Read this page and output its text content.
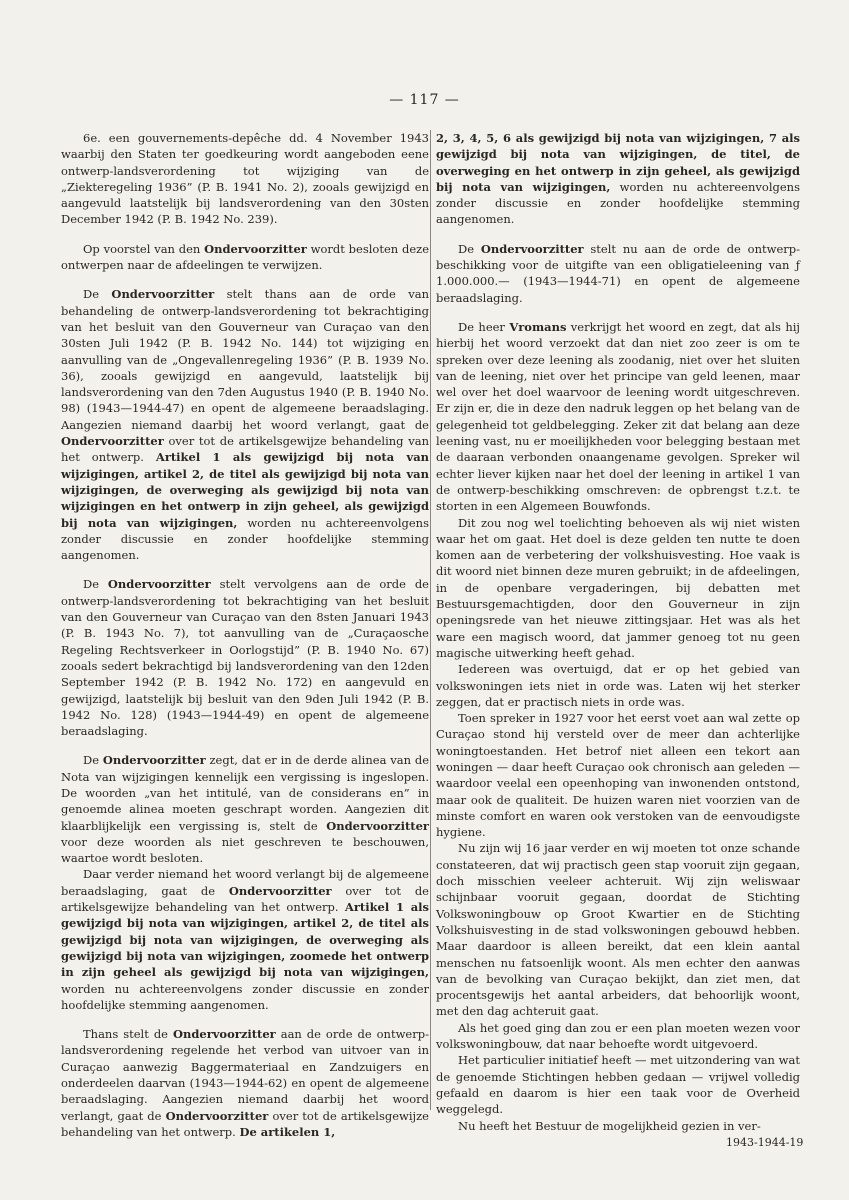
— 117 —

6e. een gouvernements-depêche dd. 4 November 1943 waarbij den Staten ter goedkeuring wordt aangeboden eene ontwerp-landsverordening tot wijziging van de „Ziekteregeling 1936” (P. B. 1941 No. 2), zooals gewijzigd en aangevuld laatstelijk bij landsverordening van den 30sten December 1942 (P. B. 1942 No. 239).

Op voorstel van den Ondervoorzitter wordt besloten deze ontwerpen naar de afdeelingen te verwijzen.

De Ondervoorzitter stelt thans aan de orde van behandeling de ontwerp-landsverordening tot bekrachtiging van het besluit van den Gouverneur van Curaçao van den 30sten Juli 1942 (P. B. 1942 No. 144) tot wijziging en aanvulling van de „Ongevallenregeling 1936” (P. B. 1939 No. 36), zooals gewijzigd en aangevuld, laatstelijk bij landsverordening van den 7den Augustus 1940 (P. B. 1940 No. 98) (1943—1944-47) en opent de algemeene beraadslaging. Aangezien niemand daarbij het woord verlangt, gaat de Ondervoorzitter over tot de artikelsgewijze behandeling van het ontwerp. Artikel 1 als gewijzigd bij nota van wijzigingen, artikel 2, de titel als gewijzigd bij nota van wijzigingen, de overweging als gewijzigd bij nota van wijzigingen en het ontwerp in zijn geheel, als gewijzigd bij nota van wijzigingen, worden nu achtereenvolgens zonder discussie en zonder hoofdelijke stemming aangenomen.

De Ondervoorzitter stelt vervolgens aan de orde de ontwerp-landsverordening tot bekrachtiging van het besluit van den Gouverneur van Curaçao van den 8sten Januari 1943 (P. B. 1943 No. 7), tot aanvulling van de „Curaçaosche Regeling Rechtsverkeer in Oorlogstijd” (P. B. 1940 No. 67) zooals sedert bekrachtigd bij landsverordening van den 12den September 1942 (P. B. 1942 No. 172) en aangevuld en gewijzigd, laatstelijk bij besluit van den 9den Juli 1942 (P. B. 1942 No. 128) (1943—1944-49) en opent de algemeene beraadslaging.

De Ondervoorzitter zegt, dat er in de derde alinea van de Nota van wijzigingen kennelijk een vergissing is ingeslopen. De woorden „van het intitulé, van de considerans en” in genoemde alinea moeten geschrapt worden. Aangezien dit klaarblijkelijk een vergissing is, stelt de Ondervoorzitter voor deze woorden als niet geschreven te beschouwen, waartoe wordt besloten.

Daar verder niemand het woord verlangt bij de algemeene beraadslaging, gaat de Ondervoorzitter over tot de artikelsgewijze behandeling van het ontwerp. Artikel 1 als gewijzigd bij nota van wijzigingen, artikel 2, de titel als gewijzigd bij nota van wijzigingen, de overweging als gewijzigd bij nota van wijzigingen, zoomede het ontwerp in zijn geheel als gewijzigd bij nota van wijzigingen, worden nu achtereenvolgens zonder discussie en zonder hoofdelijke stemming aangenomen.

Thans stelt de Ondervoorzitter aan de orde de ontwerp-landsverordening regelende het verbod van uitvoer van in Curaçao aanwezig Baggermateriaal en Zandzuigers en onderdeelen daarvan (1943—1944-62) en opent de algemeene beraadslaging. Aangezien niemand daarbij het woord verlangt, gaat de Ondervoorzitter over tot de artikelsgewijze behandeling van het ontwerp. De artikelen 1,

2, 3, 4, 5, 6 als gewijzigd bij nota van wijzigingen, 7 als gewijzigd bij nota van wijzigingen, de titel, de overweging en het ontwerp in zijn geheel, als gewijzigd bij nota van wijzigingen, worden nu achtereenvolgens zonder discussie en zonder hoofdelijke stemming aangenomen.

De Ondervoorzitter stelt nu aan de orde de ontwerp-beschikking voor de uitgifte van een obligatieleening van ƒ 1.000.000.— (1943—1944-71) en opent de algemeene beraadslaging.

De heer Vromans verkrijgt het woord en zegt, dat als hij hierbij het woord verzoekt dat dan niet zoo zeer is om te spreken over deze leening als zoodanig, niet over het sluiten van de leening, niet over het principe van geld leenen, maar wel over het doel waarvoor de leening wordt uitgeschreven. Er zijn er, die in deze den nadruk leggen op het belang van de gelegenheid tot geldbelegging. Zeker zit dat belang aan deze leening vast, nu er moeilijkheden voor belegging bestaan met de daaraan verbonden onaangename gevolgen. Spreker wil echter liever kijken naar het doel der leening in artikel 1 van de ontwerp-beschikking omschreven: de opbrengst t.z.t. te storten in een Algemeen Bouwfonds.

Dit zou nog wel toelichting behoeven als wij niet wisten waar het om gaat. Het doel is deze gelden ten nutte te doen komen aan de verbetering der volkshuisvesting. Hoe vaak is dit woord niet binnen deze muren gebruikt; in de afdeelingen, in de openbare vergaderingen, bij debatten met Bestuursgemachtigden, door den Gouverneur in zijn openingsrede van het nieuwe zittingsjaar. Het was als het ware een magisch woord, dat jammer genoeg tot nu geen magische uitwerking heeft gehad.

Iedereen was overtuigd, dat er op het gebied van volkswoningen iets niet in orde was. Laten wij het sterker zeggen, dat er practisch niets in orde was.

Toen spreker in 1927 voor het eerst voet aan wal zette op Curaçao stond hij versteld over de meer dan achterlijke woningtoestanden. Het betrof niet alleen een tekort aan woningen — daar heeft Curaçao ook chronisch aan geleden — waardoor veelal een opeenhoping van inwonenden ontstond, maar ook de qualiteit. De huizen waren niet voorzien van de minste comfort en waren ook verstoken van de eenvoudigste hygiene.

Nu zijn wij 16 jaar verder en wij moeten tot onze schande constateeren, dat wij practisch geen stap vooruit zijn gegaan, doch misschien veeleer achteruit. Wij zijn weliswaar schijnbaar vooruit gegaan, doordat de Stichting Volkswoningbouw op Groot Kwartier en de Stichting Volkshuisvesting in de stad volkswoningen gebouwd hebben. Maar daardoor is alleen bereikt, dat een klein aantal menschen nu fatsoenlijk woont. Als men echter den aanwas van de bevolking van Curaçao bekijkt, dan ziet men, dat procentsgewijs het aantal arbeiders, dat behoorlijk woont, met den dag achteruit gaat.

Als het goed ging dan zou er een plan moeten wezen voor volkswoningbouw, dat naar behoefte wordt uitgevoerd.

Het particulier initiatief heeft — met uitzondering van wat de genoemde Stichtingen hebben gedaan — vrijwel volledig gefaald en daarom is hier een taak voor de Overheid weggelegd.

Nu heeft het Bestuur de mogelijkheid gezien in ver-

1943-1944-19
